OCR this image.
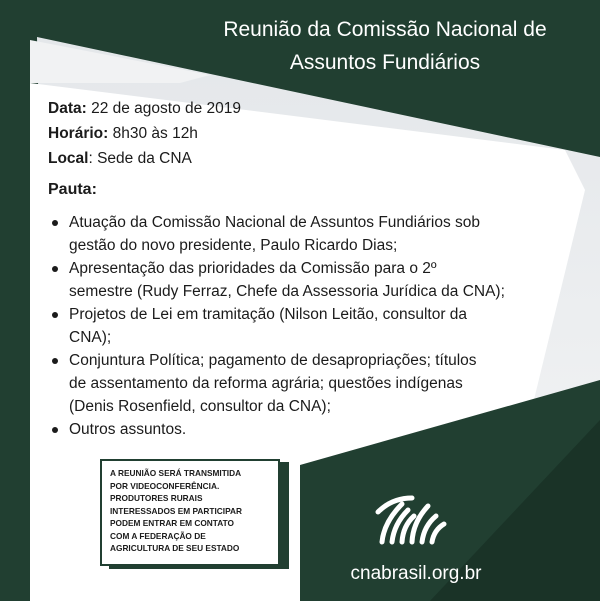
Reunião da Comissão Nacional de
Assuntos Fundiários
Data: 22 de agosto de 2019
Horário: 8h30 às 12h
Local: Sede da CNA
Pauta:
Atuação da Comissão Nacional de Assuntos Fundiários sob
gestão do novo presidente, Paulo Ricardo Dias;
Apresentação das prioridades da Comissão para o 2º
semestre (Rudy Ferraz, Chefe da Assessoria Jurídica da CNA);
Projetos de Lei em tramitação (Nilson Leitão, consultor da
CNA);
Conjuntura Política; pagamento de desapropriações; títulos
de assentamento da reforma agrária; questões indígenas
(Denis Rosenfield, consultor da CNA);
Outros assuntos.
A REUNIÃO SERÁ TRANSMITIDA
POR VIDEOCONFERÊNCIA.
PRODUTORES RURAIS
INTERESSADOS EM PARTICIPAR
PODEM ENTRAR EM CONTATO
COM A FEDERAÇÃO DE
AGRICULTURA DE SEU ESTADO
cnabrasil.org.br
